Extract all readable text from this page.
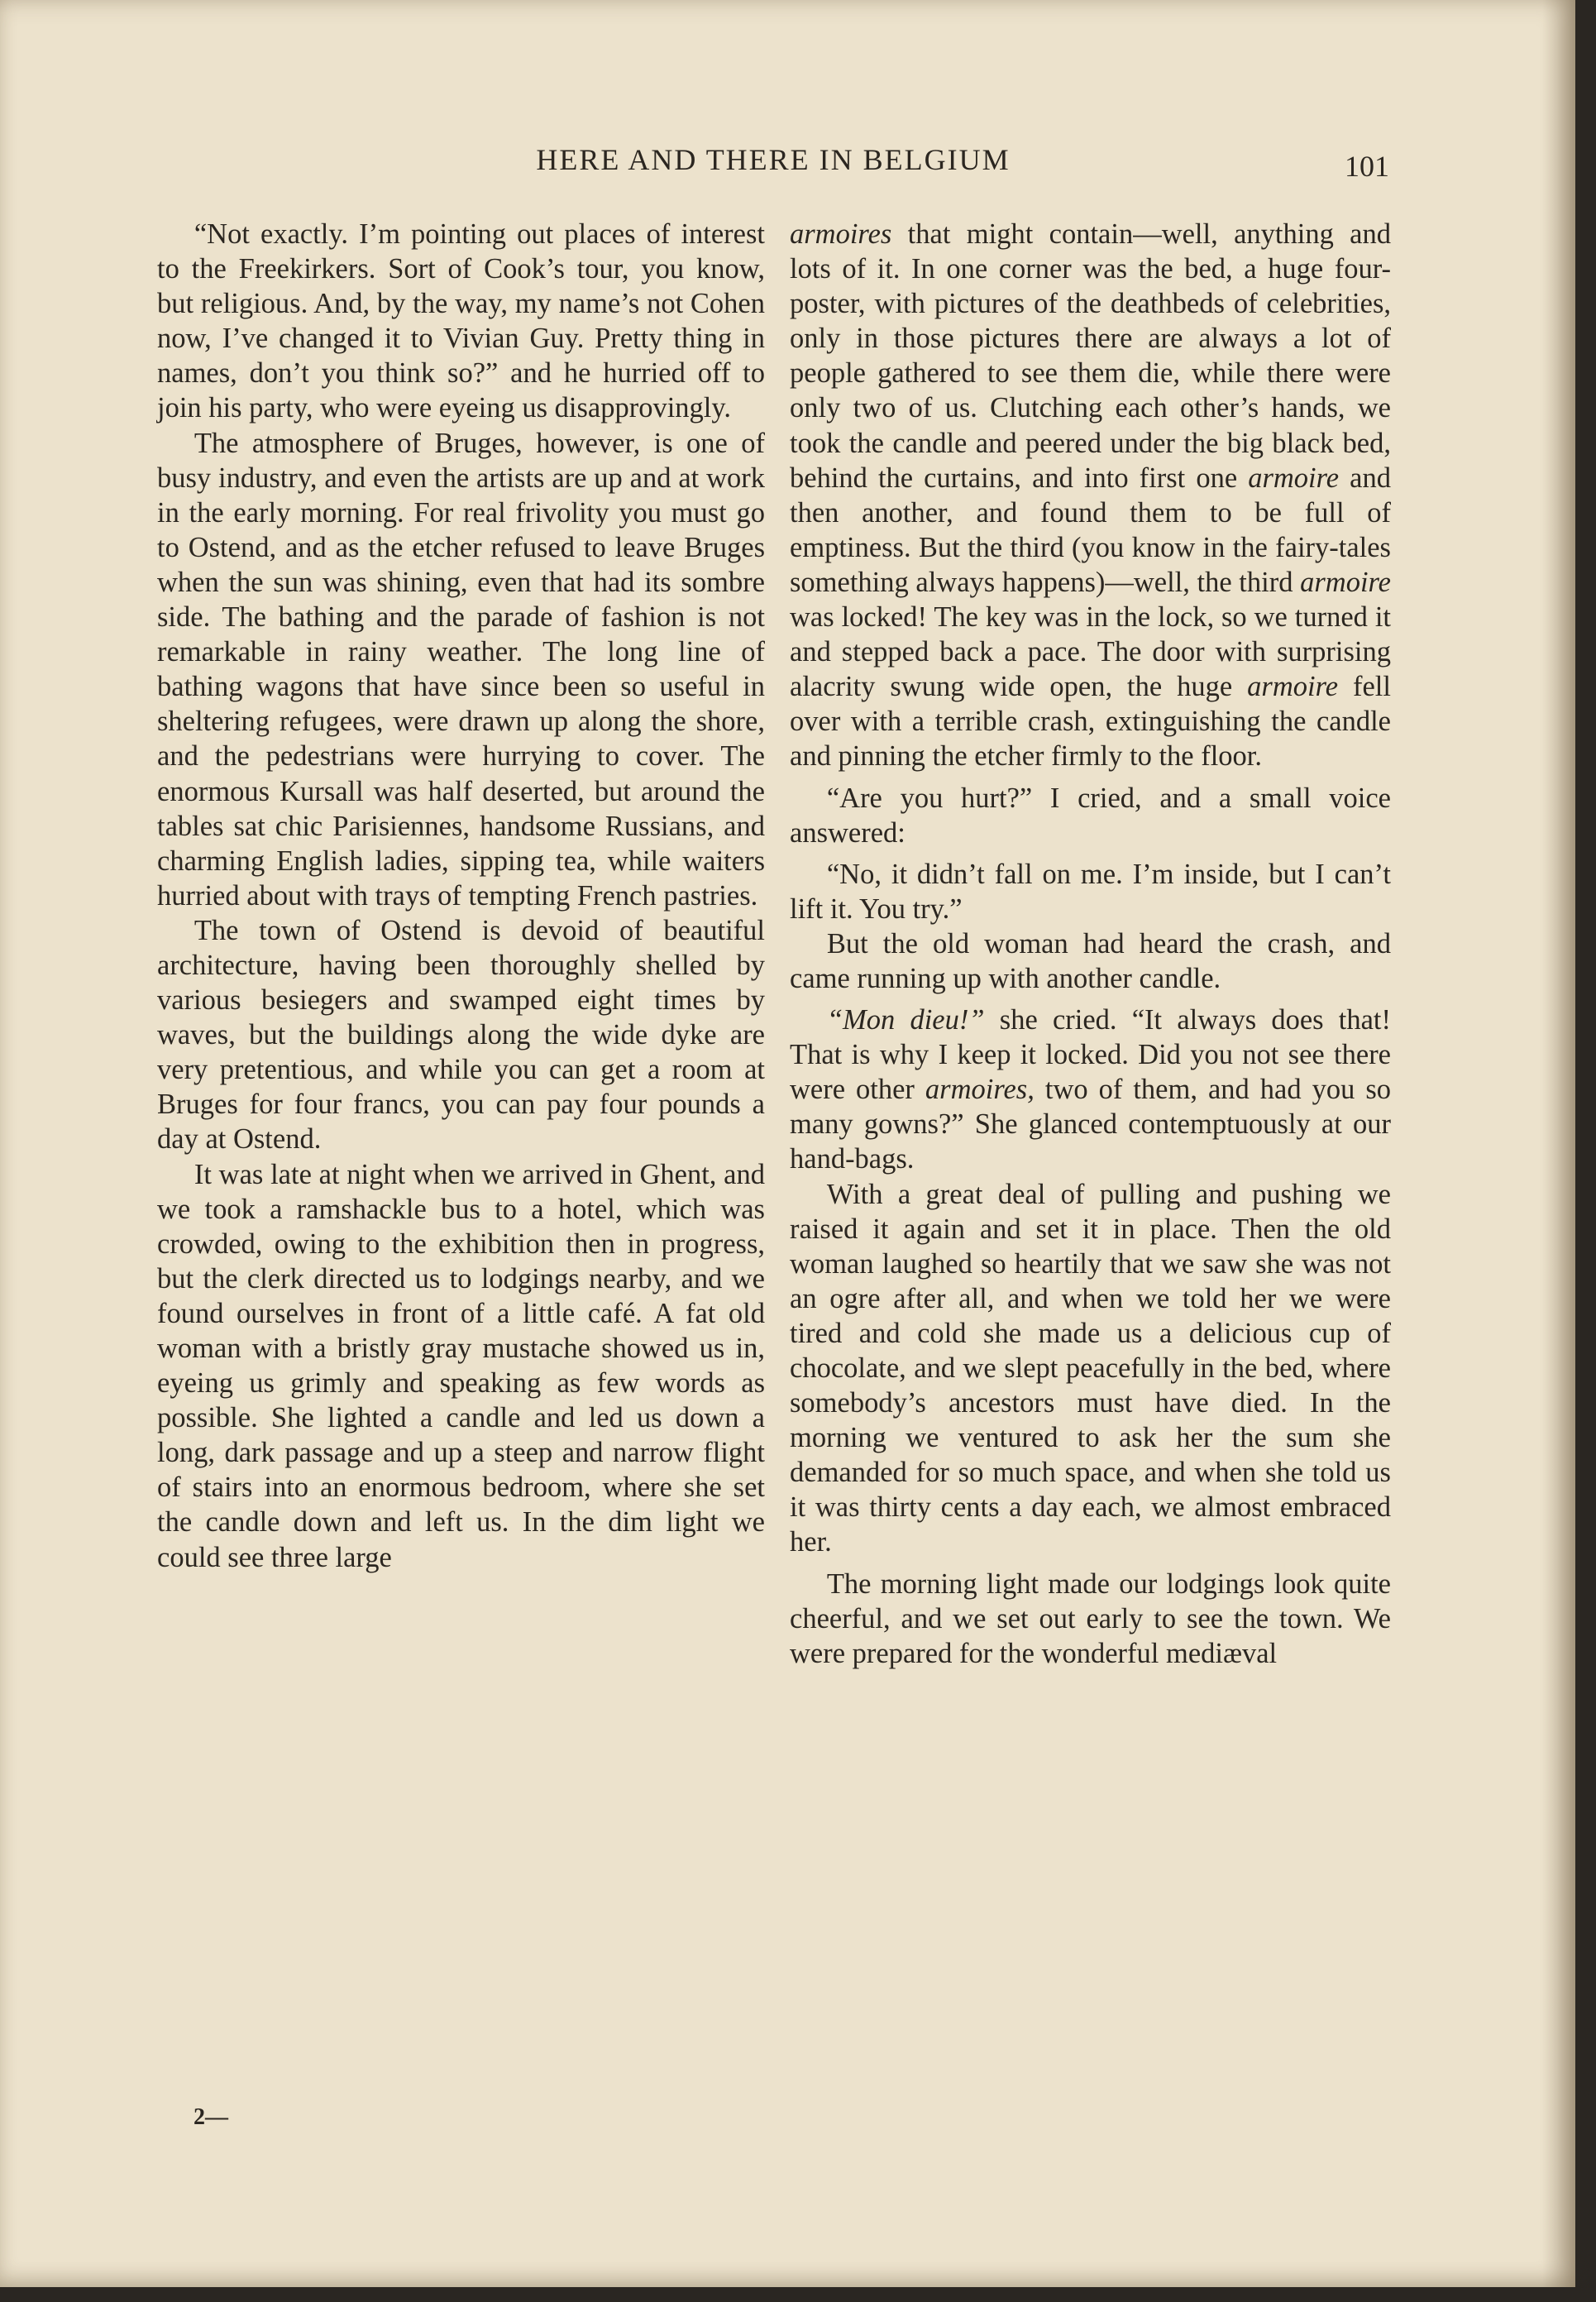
HERE AND THERE IN BELGIUM	101

“Not exactly. I’m pointing out places of interest to the Freekirkers. Sort of Cook’s tour, you know, but religious. And, by the way, my name’s not Cohen now, I’ve changed it to Vivian Guy. Pretty thing in names, don’t you think so?” and he hurried off to join his party, who were eyeing us disapprovingly.

The atmosphere of Bruges, however, is one of busy industry, and even the artists are up and at work in the early morning. For real frivolity you must go to Ostend, and as the etcher refused to leave Bruges when the sun was shining, even that had its sombre side. The bathing and the parade of fashion is not remarkable in rainy weather. The long line of bathing wagons that have since been so useful in sheltering refugees, were drawn up along the shore, and the pedestrians were hurrying to cover. The enormous Kursall was half deserted, but around the tables sat chic Parisiennes, handsome Russians, and charming English ladies, sipping tea, while waiters hurried about with trays of tempting French pastries.

The town of Ostend is devoid of beautiful architecture, having been thoroughly shelled by various besiegers and swamped eight times by waves, but the buildings along the wide dyke are very pretentious, and while you can get a room at Bruges for four francs, you can pay four pounds a day at Ostend.

It was late at night when we arrived in Ghent, and we took a ramshackle bus to a hotel, which was crowded, owing to the exhibition then in progress, but the clerk directed us to lodgings nearby, and we found ourselves in front of a little café. A fat old woman with a bristly gray mustache showed us in, eyeing us grimly and speaking as few words as possible. She lighted a candle and led us down a long, dark passage and up a steep and narrow flight of stairs into an enormous bedroom, where she set the candle down and left us. In the dim light we could see three large

armoires that might contain—well, anything and lots of it. In one corner was the bed, a huge four-poster, with pictures of the deathbeds of celebrities, only in those pictures there are always a lot of people gathered to see them die, while there were only two of us. Clutching each other’s hands, we took the candle and peered under the big black bed, behind the curtains, and into first one armoire and then another, and found them to be full of emptiness. But the third (you know in the fairy-tales something always happens)—well, the third armoire was locked! The key was in the lock, so we turned it and stepped back a pace. The door with surprising alacrity swung wide open, the huge armoire fell over with a terrible crash, extinguishing the candle and pinning the etcher firmly to the floor.

“Are you hurt?” I cried, and a small voice answered:

“No, it didn’t fall on me. I’m inside, but I can’t lift it. You try.”

But the old woman had heard the crash, and came running up with another candle.

“Mon dieu!” she cried. “It always does that! That is why I keep it locked. Did you not see there were other armoires, two of them, and had you so many gowns?” She glanced contemptuously at our hand-bags.

With a great deal of pulling and pushing we raised it again and set it in place. Then the old woman laughed so heartily that we saw she was not an ogre after all, and when we told her we were tired and cold she made us a delicious cup of chocolate, and we slept peacefully in the bed, where somebody’s ancestors must have died. In the morning we ventured to ask her the sum she demanded for so much space, and when she told us it was thirty cents a day each, we almost embraced her.

The morning light made our lodgings look quite cheerful, and we set out early to see the town. We were prepared for the wonderful mediæval

2—
